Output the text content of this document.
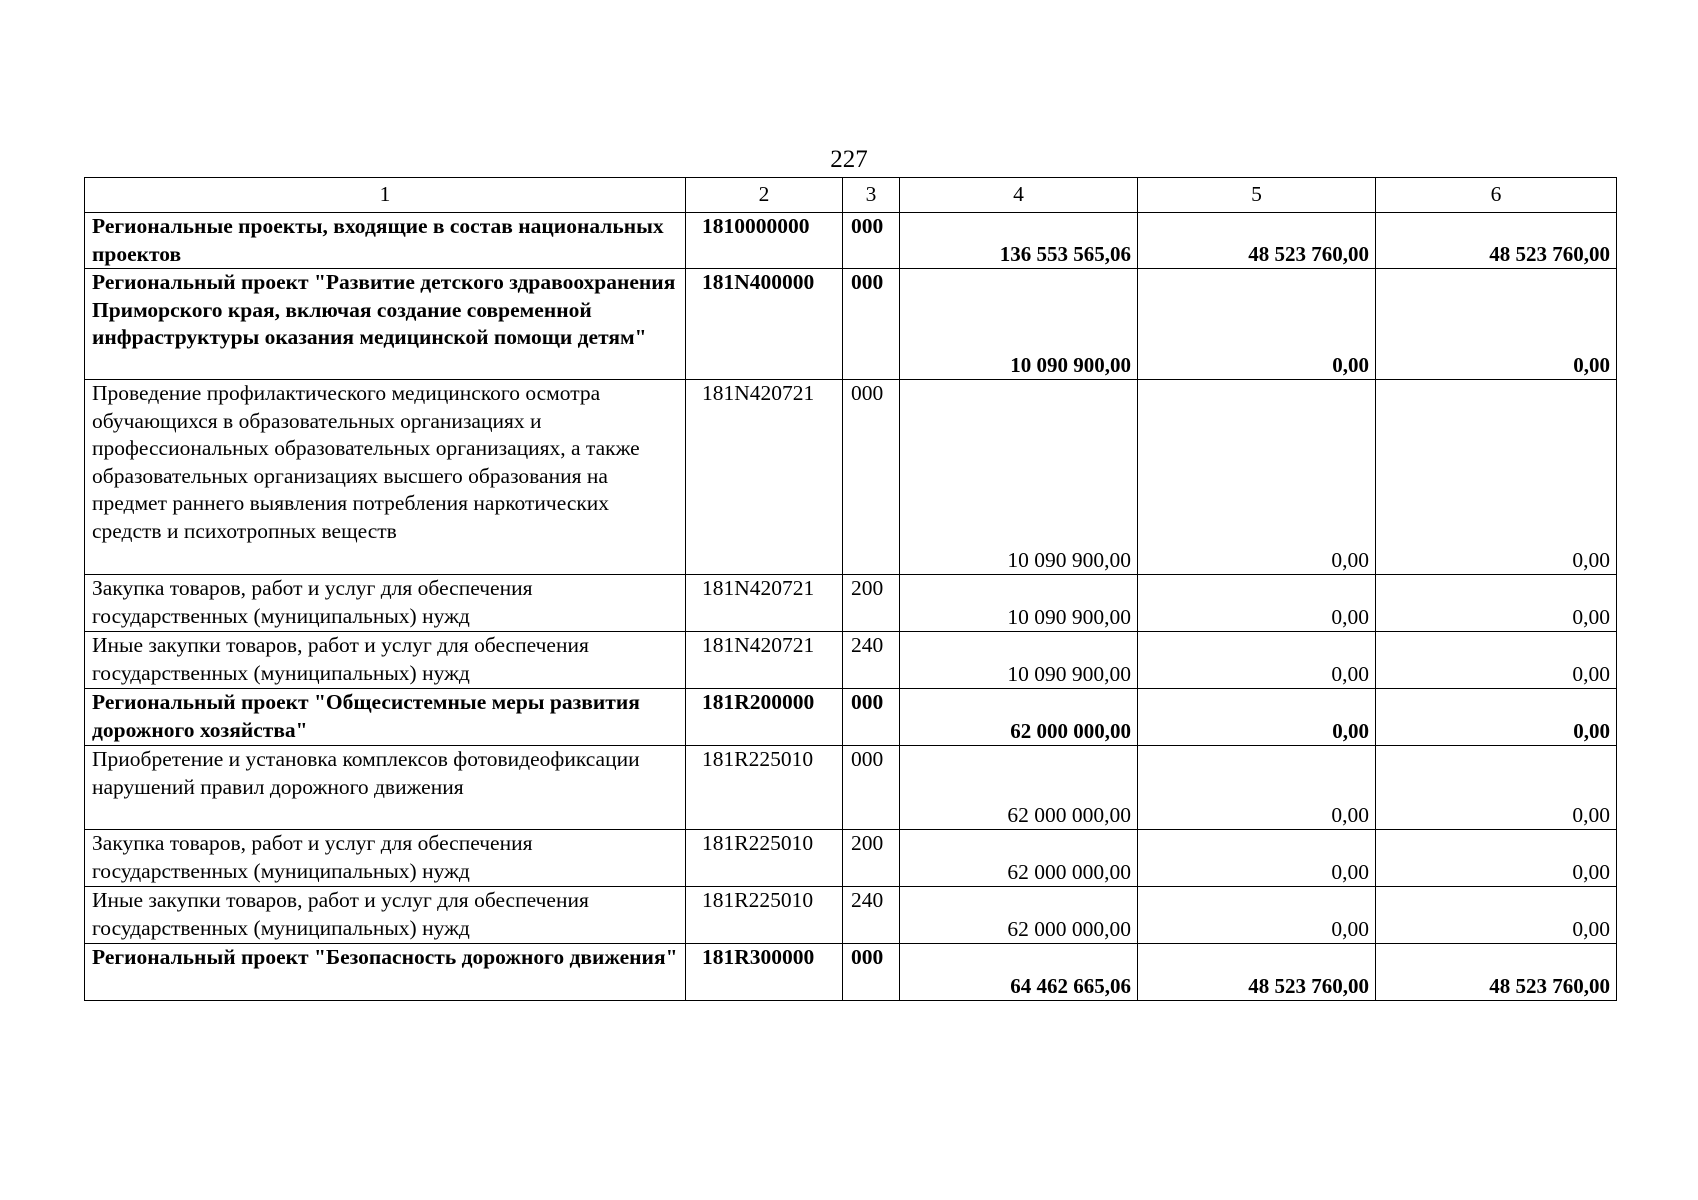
227
1	2	3	4	5	6
Региональные проекты, входящие в состав национальных проектов	1810000000	000	136 553 565,06	48 523 760,00	48 523 760,00
Региональный проект "Развитие детского здравоохранения Приморского края, включая создание современной инфраструктуры оказания медицинской помощи детям"	181N400000	000	10 090 900,00	0,00	0,00
Проведение профилактического медицинского осмотра обучающихся в образовательных организациях и профессиональных образовательных организациях, а также образовательных организациях высшего образования на предмет раннего выявления потребления наркотических средств и психотропных веществ	181N420721	000	10 090 900,00	0,00	0,00
Закупка товаров, работ и услуг для обеспечения государственных (муниципальных) нужд	181N420721	200	10 090 900,00	0,00	0,00
Иные закупки товаров, работ и услуг для обеспечения государственных (муниципальных) нужд	181N420721	240	10 090 900,00	0,00	0,00
Региональный проект "Общесистемные меры развития дорожного хозяйства"	181R200000	000	62 000 000,00	0,00	0,00
Приобретение и установка комплексов фотовидеофиксации нарушений правил дорожного движения	181R225010	000	62 000 000,00	0,00	0,00
Закупка товаров, работ и услуг для обеспечения государственных (муниципальных) нужд	181R225010	200	62 000 000,00	0,00	0,00
Иные закупки товаров, работ и услуг для обеспечения государственных (муниципальных) нужд	181R225010	240	62 000 000,00	0,00	0,00
Региональный проект "Безопасность дорожного движения"	181R300000	000	64 462 665,06	48 523 760,00	48 523 760,00
